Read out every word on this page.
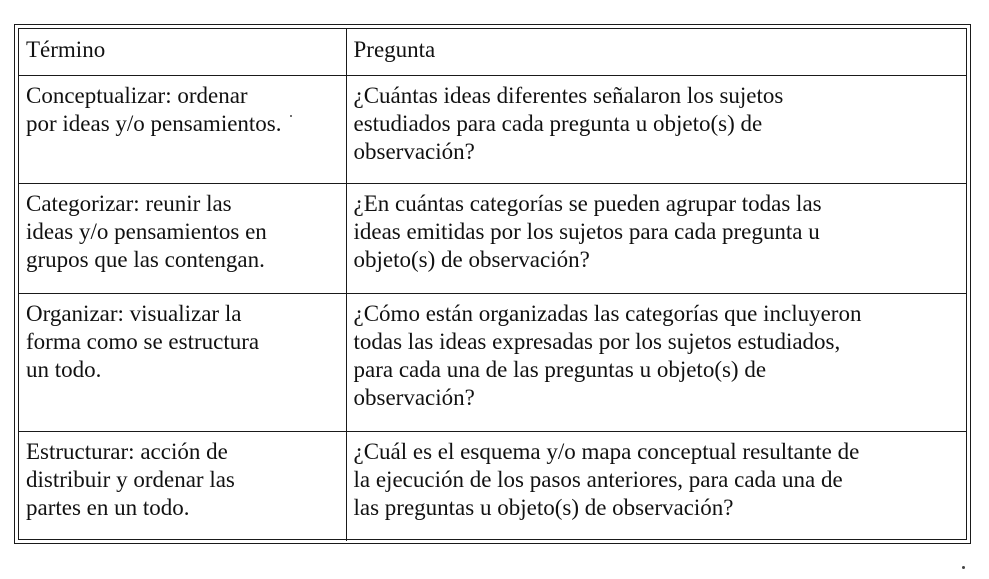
Término	Pregunta

Conceptualizar: ordenar
por ideas y/o pensamientos.	¿Cuántas ideas diferentes señalaron los sujetos
estudiados para cada pregunta u objeto(s) de
observación?

Categorizar: reunir las
ideas y/o pensamientos en
grupos que las contengan.	¿En cuántas categorías se pueden agrupar todas las
ideas emitidas por los sujetos para cada pregunta u
objeto(s) de observación?

Organizar: visualizar la
forma como se estructura
un todo.	¿Cómo están organizadas las categorías que incluyeron
todas las ideas expresadas por los sujetos estudiados,
para cada una de las preguntas u objeto(s) de
observación?

Estructurar: acción de
distribuir y ordenar las
partes en un todo.	¿Cuál es el esquema y/o mapa conceptual resultante de
la ejecución de los pasos anteriores, para cada una de
las preguntas u objeto(s) de observación?
